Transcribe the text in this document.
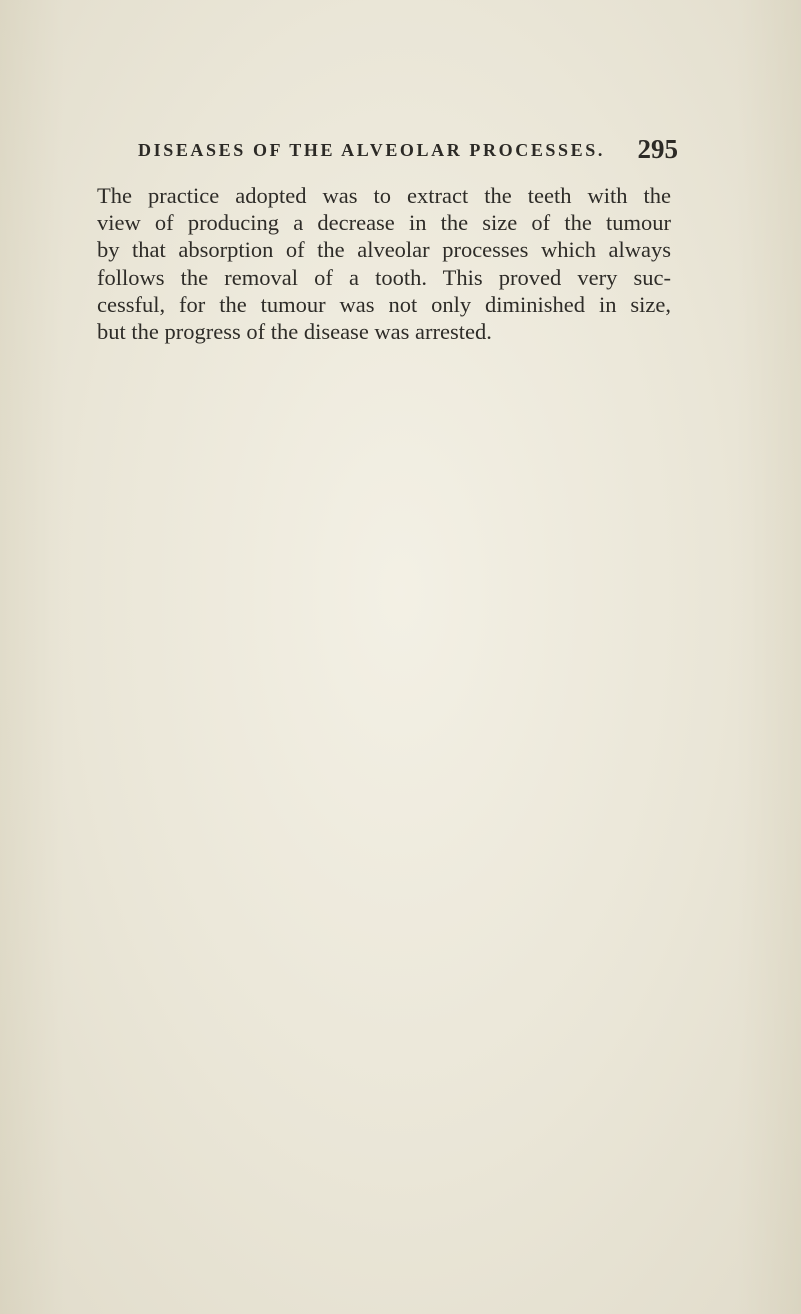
DISEASES OF THE ALVEOLAR PROCESSES. 295
The practice adopted was to extract the teeth with the
view of producing a decrease in the size of the tumour
by that absorption of the alveolar processes which always
follows the removal of a tooth. This proved very suc-
cessful, for the tumour was not only diminished in size,
but the progress of the disease was arrested.
